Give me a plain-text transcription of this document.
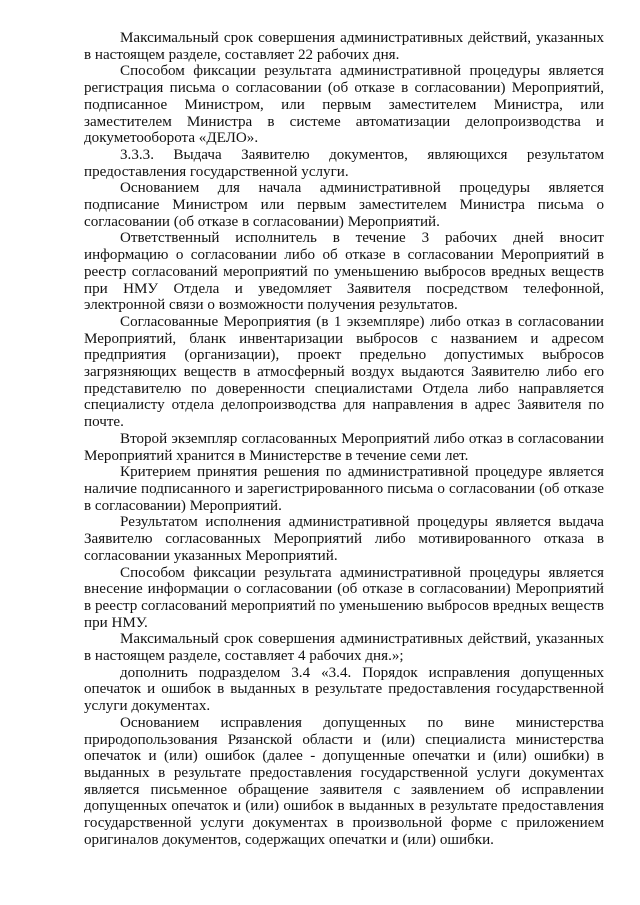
Максимальный срок совершения административных действий, указанных в настоящем разделе, составляет 22 рабочих дня.

Способом фиксации результата административной процедуры является регистрация письма о согласовании (об отказе в согласовании) Мероприятий, подписанное Министром, или первым заместителем Министра, или заместителем Министра в системе автоматизации делопроизводства и докуметооборота «ДЕЛО».

3.3.3.   Выдача   Заявителю   документов,   являющихся   результатом предоставления государственной услуги.

Основанием для начала административной процедуры является подписание Министром или первым заместителем Министра письма о согласовании (об отказе в согласовании) Мероприятий.

Ответственный исполнитель в течение 3 рабочих дней вносит информацию о согласовании либо об отказе в согласовании Мероприятий в реестр согласований мероприятий по уменьшению выбросов вредных веществ при НМУ Отдела и уведомляет Заявителя посредством телефонной, электронной связи о возможности получения результатов.

Согласованные Мероприятия (в 1 экземпляре) либо отказ в согласовании Мероприятий, бланк инвентаризации выбросов с названием и адресом предприятия (организации), проект предельно допустимых выбросов загрязняющих веществ в атмосферный воздух выдаются Заявителю либо его представителю по доверенности специалистами Отдела либо направляется специалисту отдела делопроизводства для направления в адрес Заявителя по почте.

Второй экземпляр согласованных Мероприятий либо отказ в согласовании Мероприятий хранится в Министерстве в течение семи лет.

Критерием принятия решения по административной процедуре является наличие подписанного и зарегистрированного письма о согласовании (об отказе в согласовании) Мероприятий.

Результатом исполнения административной процедуры является выдача Заявителю согласованных Мероприятий либо мотивированного отказа в согласовании указанных Мероприятий.

Способом фиксации результата административной процедуры является внесение информации о согласовании (об отказе в согласовании) Мероприятий в реестр согласований мероприятий по уменьшению выбросов вредных веществ при НМУ.

Максимальный срок совершения административных действий, указанных в настоящем разделе, составляет 4 рабочих дня.»;

дополнить подразделом 3.4 «3.4. Порядок исправления допущенных опечаток и ошибок в выданных в результате предоставления государственной услуги документах.

Основанием исправления допущенных по вине министерства природопользования Рязанской области и (или) специалиста министерства опечаток и (или) ошибок (далее - допущенные опечатки и (или) ошибки) в выданных в результате предоставления государственной услуги документах является письменное обращение заявителя с заявлением об исправлении допущенных опечаток и (или) ошибок в выданных в результате предоставления государственной услуги документах в произвольной форме с приложением оригиналов документов, содержащих опечатки и (или) ошибки.
